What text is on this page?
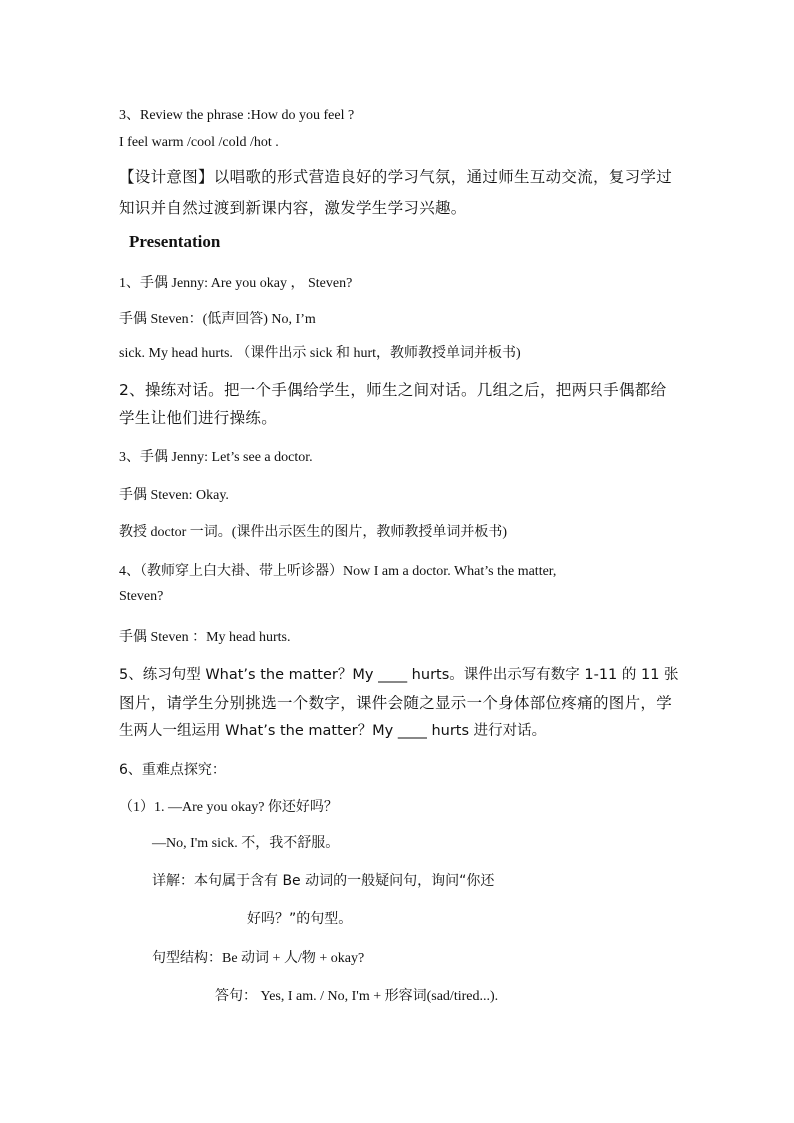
3、Review the phrase :How do you feel ?
I feel warm /cool /cold /hot .
【设计意图】以唱歌的形式营造良好的学习气氛，通过师生互动交流，复习学过
知识并自然过渡到新课内容，激发学生学习兴趣。
Presentation
1、手偶 Jenny: Are you okay ， Steven?
手偶 Steven：(低声回答) No, I’m
sick. My head hurts. （课件出示 sick 和 hurt，教师教授单词并板书)
2、操练对话。把一个手偶给学生，师生之间对话。几组之后，把两只手偶都给
学生让他们进行操练。
3、手偶 Jenny: Let’s see a doctor.
手偶 Steven: Okay.
教授 doctor 一词。(课件出示医生的图片，教师教授单词并板书)
4、（教师穿上白大褂、带上听诊器）Now I am a doctor. What’s the matter,
Steven?
手偶 Steven ：My head hurts.
5、练习句型 What’s the matter？My ____ hurts。课件出示写有数字 1-11 的 11 张
图片，请学生分别挑选一个数字，课件会随之显示一个身体部位疼痛的图片，学
生两人一组运用 What’s the matter？My ____ hurts 进行对话。
6、重难点探究：
（1）1. —Are you okay? 你还好吗？
—No, I'm sick. 不，我不舒服。
详解：本句属于含有 Be 动词的一般疑问句，询问“你还
好吗？”的句型。
句型结构：Be 动词 + 人/物 + okay?
答句： Yes, I am. / No, I'm + 形容词(sad/tired...).
